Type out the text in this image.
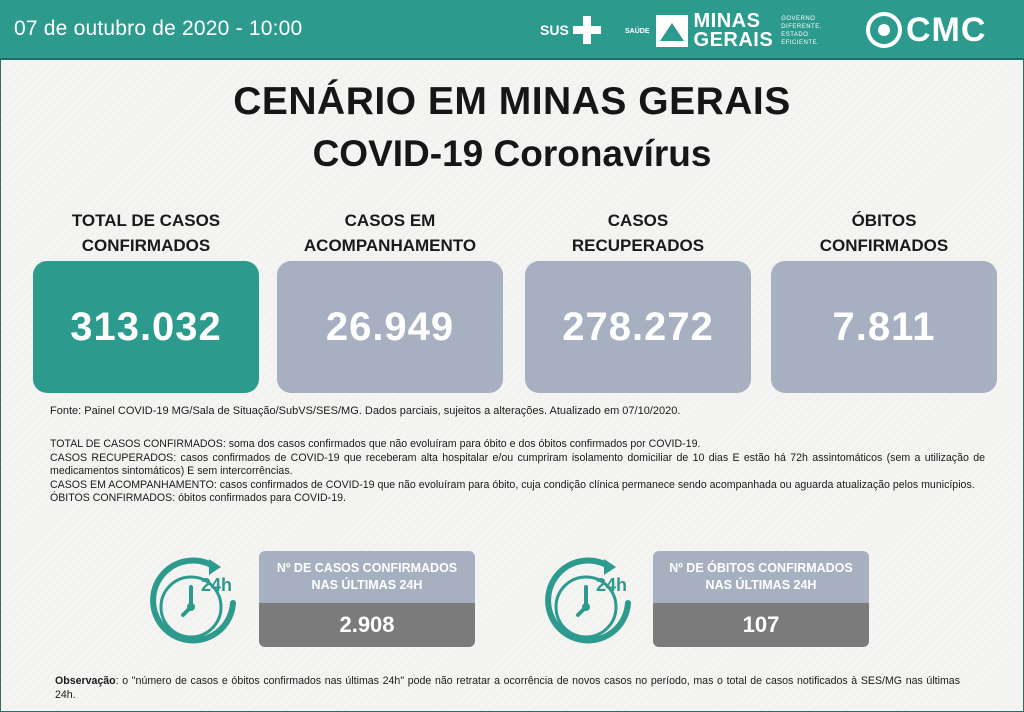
07 de outubro de 2020 - 10:00	SUS	SAÚDE MINAS
GERAIS
GOVERNO
DIFERENTE.
ESTADO
EFICIENTE.	CMC
CENÁRIO EM MINAS GERAIS
COVID-19 Coronavírus
TOTAL DE CASOS CONFIRMADOS
313.032
CASOS EM ACOMPANHAMENTO
26.949
CASOS RECUPERADOS
278.272
ÓBITOS CONFIRMADOS
7.811
Fonte: Painel COVID-19 MG/Sala de Situação/SubVS/SES/MG. Dados parciais, sujeitos a alterações. Atualizado em 07/10/2020.

TOTAL DE CASOS CONFIRMADOS: soma dos casos confirmados que não evoluíram para óbito e dos óbitos confirmados por COVID-19.

CASOS RECUPERADOS: casos confirmados de COVID-19 que receberam alta hospitalar e/ou cumpriram isolamento domiciliar de 10 dias E estão há 72h assintomáticos (sem a utilização de medicamentos sintomáticos) E sem intercorrências.

CASOS EM ACOMPANHAMENTO: casos confirmados de COVID-19 que não evoluíram para óbito, cuja condição clínica permanece sendo acompanhada ou aguarda atualização pelos municípios.

ÓBITOS CONFIRMADOS: óbitos confirmados para COVID-19.

24h
Nº DE CASOS CONFIRMADOS NAS ÚLTIMAS 24H
2.908
24h
Nº DE ÓBITOS CONFIRMADOS NAS ÚLTIMAS 24H
107
Observação: o "número de casos e óbitos confirmados nas últimas 24h" pode não retratar a ocorrência de novos casos no período, mas o total de casos notificados à SES/MG nas últimas 24h.
